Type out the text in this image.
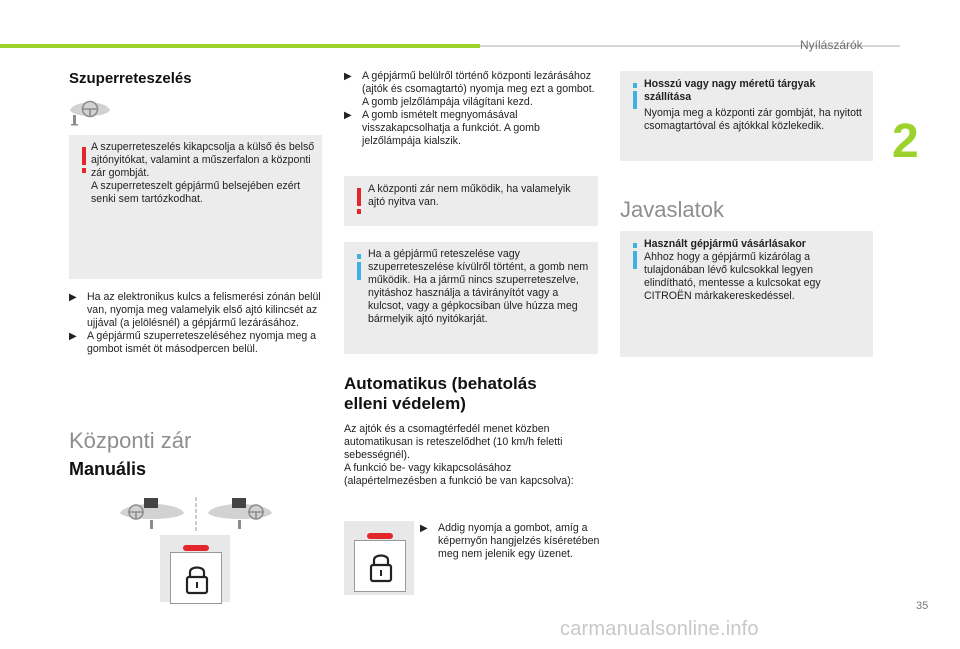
Nyílászárók
2
Szuperreteszelés

A szuperreteszelés kikapcsolja a külső és belső ajtónyitókat, valamint a műszerfalon a központi zár gombját.
A szuperreteszelt gépjármű belsejében ezért senki sem tartózkodhat.

▶ Ha az elektronikus kulcs a felismerési zónán belül van, nyomja meg valamelyik első ajtó kilincsét az ujjával (a jelölésnél) a gépjármű lezárásához.
▶ A gépjármű szuperreteszeléséhez nyomja meg a gombot ismét öt másodpercen belül.
Központi zár
Manuális
▶ A gépjármű belülről történő központi lezárásához (ajtók és csomagtartó) nyomja meg ezt a gombot. A gomb jelzőlámpája világítani kezd.
▶ A gomb ismételt megnyomásával visszakapcsolhatja a funkciót. A gomb jelzőlámpája kialszik.

A központi zár nem működik, ha valamelyik ajtó nyitva van.

Ha a gépjármű reteszelése vagy szuperreteszelése kívülről történt, a gomb nem működik. Ha a jármű nincs szuperreteszelve, nyitáshoz használja a távirányítót vagy a kulcsot, vagy a gépkocsiban ülve húzza meg bármelyik ajtó nyitókarját.

Automatikus (behatolás
elleni védelem)

Az ajtók és a csomagtérfedél menet közben automatikusan is reteszelődhet (10 km/h feletti sebességnél).
A funkció be- vagy kikapcsolásához (alapértelmezésben a funkció be van kapcsolva):

▶ Addig nyomja a gombot, amíg a képernyőn hangjelzés kíséretében meg nem jelenik egy üzenet.

Hosszú vagy nagy méretű tárgyak szállítása

Nyomja meg a központi zár gombját, ha nyitott csomagtartóval és ajtókkal közlekedik.

Javaslatok

Használt gépjármű vásárlásakor

Ahhoz hogy a gépjármű kizárólag a tulajdonában lévő kulcsokkal legyen elindítható, mentesse a kulcsokat egy CITROËN márkakereskedéssel.

35
carmanualsonline.info
